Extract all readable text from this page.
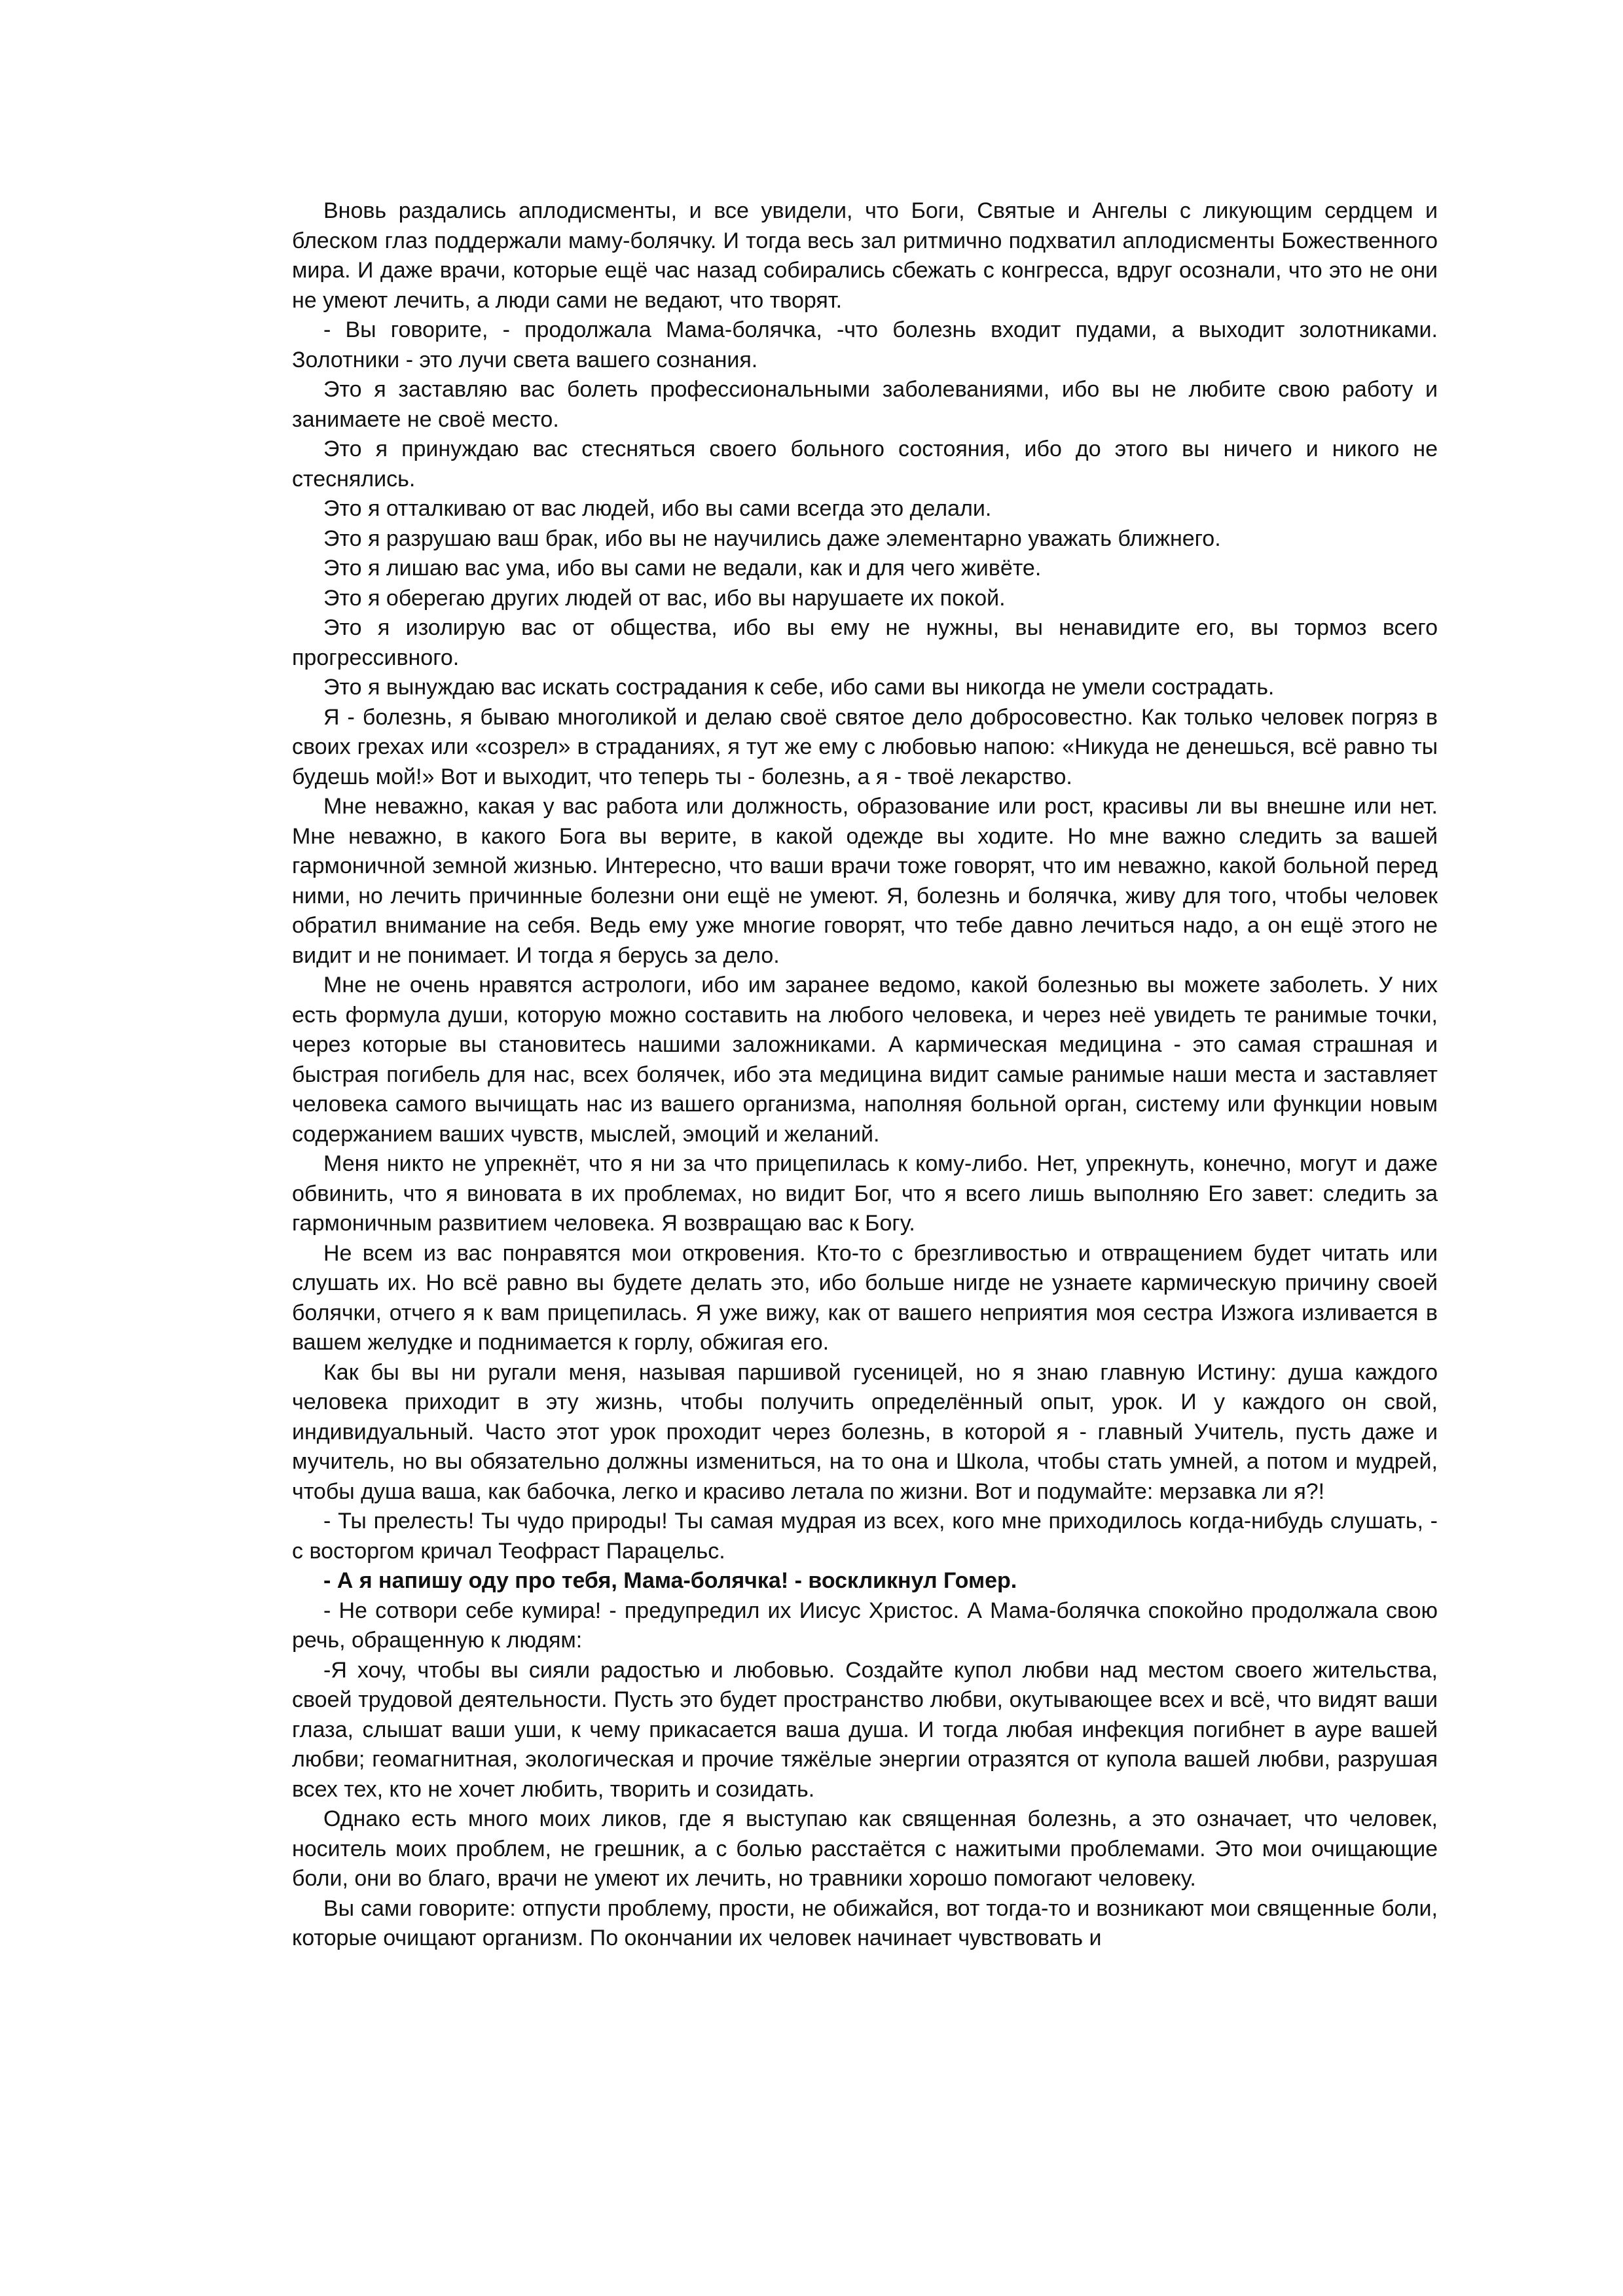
Вновь раздались аплодисменты, и все увидели, что Боги, Святые и Ангелы с ликующим сердцем и блеском глаз поддержали маму-болячку. И тогда весь зал ритмично подхватил аплодисменты Божественного мира. И даже врачи, которые ещё час назад собирались сбежать с конгресса, вдруг осознали, что это не они не умеют лечить, а люди сами не ведают, что творят.

- Вы говорите, - продолжала Мама-болячка, -что болезнь входит пудами, а выходит золотниками. Золотники - это лучи света вашего сознания.

Это я заставляю вас болеть профессиональными заболеваниями, ибо вы не любите свою работу и занимаете не своё место.

Это я принуждаю вас стесняться своего больного состояния, ибо до этого вы ничего и никого не стеснялись.

Это я отталкиваю от вас людей, ибо вы сами всегда это делали.

Это я разрушаю ваш брак, ибо вы не научились даже элементарно уважать ближнего.

Это я лишаю вас ума, ибо вы сами не ведали, как и для чего живёте.

Это я оберегаю других людей от вас, ибо вы нарушаете их покой.

Это я изолирую вас от общества, ибо вы ему не нужны, вы ненавидите его, вы тормоз всего прогрессивного.

Это я вынуждаю вас искать сострадания к себе, ибо сами вы никогда не умели сострадать.

Я - болезнь, я бываю многоликой и делаю своё святое дело добросовестно. Как только человек погряз в своих грехах или «созрел» в страданиях, я тут же ему с любовью напою: «Никуда не денешься, всё равно ты будешь мой!» Вот и выходит, что теперь ты - болезнь, а я - твоё лекарство.

Мне неважно, какая у вас работа или должность, образование или рост, красивы ли вы внешне или нет. Мне неважно, в какого Бога вы верите, в какой одежде вы ходите. Но мне важно следить за вашей гармоничной земной жизнью. Интересно, что ваши врачи тоже говорят, что им неважно, какой больной перед ними, но лечить причинные болезни они ещё не умеют. Я, болезнь и болячка, живу для того, чтобы человек обратил внимание на себя. Ведь ему уже многие говорят, что тебе давно лечиться надо, а он ещё этого не видит и не понимает. И тогда я берусь за дело.

Мне не очень нравятся астрологи, ибо им заранее ведомо, какой болезнью вы можете заболеть. У них есть формула души, которую можно составить на любого человека, и через неё увидеть те ранимые точки, через которые вы становитесь нашими заложниками. А кармическая медицина - это самая страшная и быстрая погибель для нас, всех болячек, ибо эта медицина видит самые ранимые наши места и заставляет человека самого вычищать нас из вашего организма, наполняя больной орган, систему или функции новым содержанием ваших чувств, мыслей, эмоций и желаний.

Меня никто не упрекнёт, что я ни за что прицепилась к кому-либо. Нет, упрекнуть, конечно, могут и даже обвинить, что я виновата в их проблемах, но видит Бог, что я всего лишь выполняю Его завет: следить за гармоничным развитием человека. Я возвращаю вас к Богу.

Не всем из вас понравятся мои откровения. Кто-то с брезгливостью и отвращением будет читать или слушать их. Но всё равно вы будете делать это, ибо больше нигде не узнаете кармическую причину своей болячки, отчего я к вам прицепилась. Я уже вижу, как от вашего неприятия моя сестра Изжога изливается в вашем желудке и поднимается к горлу, обжигая его.

Как бы вы ни ругали меня, называя паршивой гусеницей, но я знаю главную Истину: душа каждого человека приходит в эту жизнь, чтобы получить определённый опыт, урок. И у каждого он свой, индивидуальный. Часто этот урок проходит через болезнь, в которой я - главный Учитель, пусть даже и мучитель, но вы обязательно должны измениться, на то она и Школа, чтобы стать умней, а потом и мудрей, чтобы душа ваша, как бабочка, легко и красиво летала по жизни. Вот и подумайте: мерзавка ли я?!

- Ты прелесть! Ты чудо природы! Ты самая мудрая из всех, кого мне приходилось когда-нибудь слушать, - с восторгом кричал Теофраст Парацельс.

- А я напишу оду про тебя, Мама-болячка! - воскликнул Гомер.

- Не сотвори себе кумира! - предупредил их Иисус Христос. А Мама-болячка спокойно продолжала свою речь, обращенную к людям:

-Я хочу, чтобы вы сияли радостью и любовью. Создайте купол любви над местом своего жительства, своей трудовой деятельности. Пусть это будет пространство любви, окутывающее всех и всё, что видят ваши глаза, слышат ваши уши, к чему прикасается ваша душа. И тогда любая инфекция погибнет в ауре вашей любви; геомагнитная, экологическая и прочие тяжёлые энергии отразятся от купола вашей любви, разрушая всех тех, кто не хочет любить, творить и созидать.

Однако есть много моих ликов, где я выступаю как священная болезнь, а это означает, что человек, носитель моих проблем, не грешник, а с болью расстаётся с нажитыми проблемами. Это мои очищающие боли, они во благо, врачи не умеют их лечить, но травники хорошо помогают человеку.

Вы сами говорите: отпусти проблему, прости, не обижайся, вот тогда-то и возникают мои священные боли, которые очищают организм. По окончании их человек начинает чувствовать и
